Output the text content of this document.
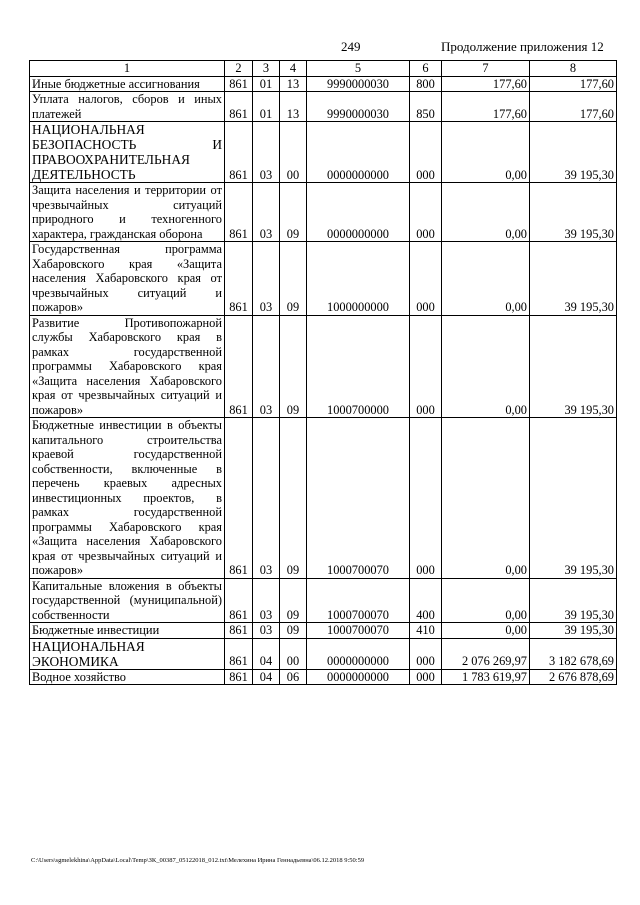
249	Продолжение приложения 12
1	2	3	4	5	6	7	8
Иные бюджетные ассигнования	861	01	13	9990000030	800	177,60	177,60
Уплата налогов, сборов и иных платежей	861	01	13	9990000030	850	177,60	177,60
НАЦИОНАЛЬНАЯ БЕЗОПАСНОСТЬ И ПРАВООХРАНИТЕЛЬНАЯ ДЕЯТЕЛЬНОСТЬ	861	03	00	0000000000	000	0,00	39 195,30
Защита населения и территории от чрезвычайных ситуаций природного и техногенного характера, гражданская оборона	861	03	09	0000000000	000	0,00	39 195,30
Государственная программа Хабаровского края «Защита населения Хабаровского края от чрезвычайных ситуаций и пожаров»	861	03	09	1000000000	000	0,00	39 195,30
Развитие Противопожарной службы Хабаровского края в рамках государственной программы Хабаровского края «Защита населения Хабаровского края от чрезвычайных ситуаций и пожаров»	861	03	09	1000700000	000	0,00	39 195,30
Бюджетные инвестиции в объекты капитального строительства краевой государственной собственности, включенные в перечень краевых адресных инвестиционных проектов, в рамках государственной программы Хабаровского края «Защита населения Хабаровского края от чрезвычайных ситуаций и пожаров»	861	03	09	1000700070	000	0,00	39 195,30
Капитальные вложения в объекты государственной (муниципальной) собственности	861	03	09	1000700070	400	0,00	39 195,30
Бюджетные инвестиции	861	03	09	1000700070	410	0,00	39 195,30
НАЦИОНАЛЬНАЯ ЭКОНОМИКА	861	04	00	0000000000	000	2 076 269,97	3 182 678,69
Водное хозяйство	861	04	06	0000000000	000	1 783 619,97	2 676 878,69
C:\Users\sgmelekhina\AppData\Local\Temp\ЗК_00387_05122018_012.txt\Мелехина Ирина Геннадьевна\06.12.2018 9:50:59
